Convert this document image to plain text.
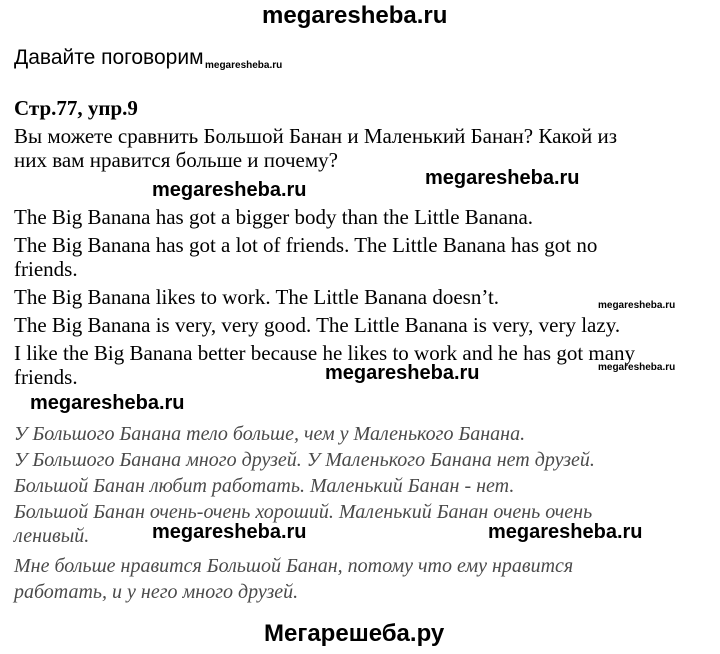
megaresheba.ru
Давайте поговорим megaresheba.ru
Стр.77, упр.9
Вы можете сравнить Большой Банан и Маленький Банан? Какой из
них вам нравится больше и почему?
megaresheba.ru
megaresheba.ru
The Big Banana has got a bigger body than the Little Banana.
The Big Banana has got a lot of friends. The Little Banana has got no
friends.
The Big Banana likes to work. The Little Banana doesn’t.
The Big Banana is very, very good. The Little Banana is very, very lazy.
I like the Big Banana better because he likes to work and he has got many
friends.
megaresheba.ru
megaresheba.ru
megaresheba.ru
megaresheba.ru
У Большого Банана тело больше, чем у Маленького Банана.
У Большого Банана много друзей. У Маленького Банана нет друзей.
Большой Банан любит работать. Маленький Банан - нет.
Большой Банан очень-очень хороший. Маленький Банан очень очень
ленивый.
Мне больше нравится Большой Банан, потому что ему нравится
работать, и у него много друзей.
megaresheba.ru	megaresheba.ru
Мегарешеба.ру
